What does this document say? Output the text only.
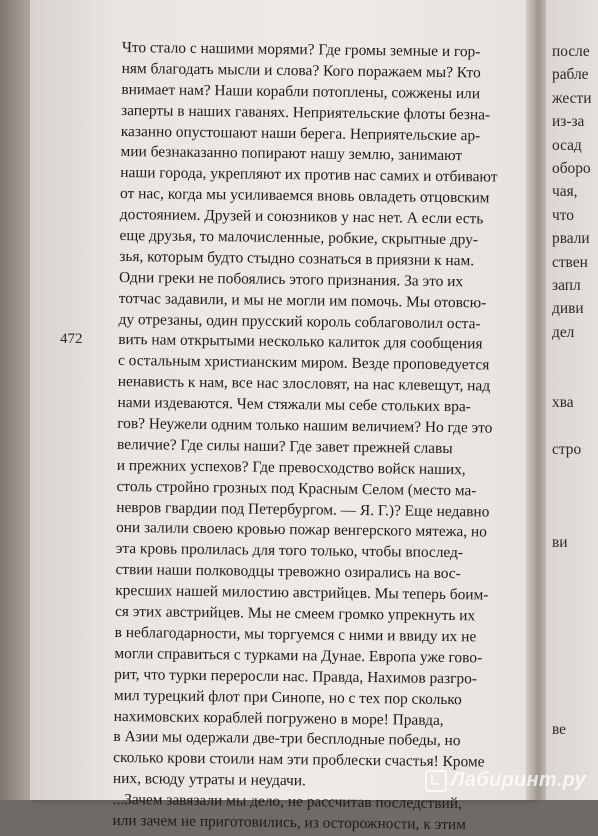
после
рабле
жести
из-за
осад
оборо
чая,
что
рвали
ствен
запл
диви
дел
хва
стро
ви
ве
472
Что стало с нашими морями? Где громы земные и гор-
ням благодать мысли и слова? Кого поражаем мы? Кто
внимает нам? Наши корабли потоплены, сожжены или
заперты в наших гаванях. Неприятельские флоты безна-
казанно опустошают наши берега. Неприятельские ар-
мии безнаказанно попирают нашу землю, занимают
наши города, укрепляют их против нас самих и отбивают
от нас, когда мы усиливаемся вновь овладеть отцовским
достоянием. Друзей и союзников у нас нет. А если есть
еще друзья, то малочисленные, робкие, скрытные дру-
зья, которым будто стыдно сознаться в приязни к нам.
Одни греки не побоялись этого признания. За это их
тотчас задавили, и мы не могли им помочь. Мы отовсю-
ду отрезаны, один прусский король соблаговолил оста-
вить нам открытыми несколько калиток для сообщения
с остальным христианским миром. Везде проповедуется
ненависть к нам, все нас злословят, на нас клевещут, над
нами издеваются. Чем стяжали мы себе стольких вра-
гов? Неужели одним только нашим величием? Но где это
величие? Где силы наши? Где завет прежней славы
и прежних успехов? Где превосходство войск наших,
столь стройно грозных под Красным Селом (место ма-
невров гвардии под Петербургом. — Я. Г.)? Еще недавно
они залили своею кровью пожар венгерского мятежа, но
эта кровь пролилась для того только, чтобы впослед-
ствии наши полководцы тревожно озирались на вос-
кресших нашей милостию австрийцев. Мы теперь боим-
ся этих австрийцев. Мы не смеем громко упрекнуть их
в неблагодарности, мы торгуемся с ними и ввиду их не
могли справиться с турками на Дунае. Европа уже гово-
рит, что турки переросли нас. Правда, Нахимов разгро-
мил турецкий флот при Синопе, но с тех пор сколько
нахимовских кораблей погружено в море! Правда,
в Азии мы одержали две-три бесплодные победы, но
сколько крови стоили нам эти проблески счастья! Кроме
них, всюду утраты и неудачи.
...Зачем завязали мы дело, не рассчитав последствий,
или зачем не приготовились, из осторожности, к этим
Лабиринт.ру
